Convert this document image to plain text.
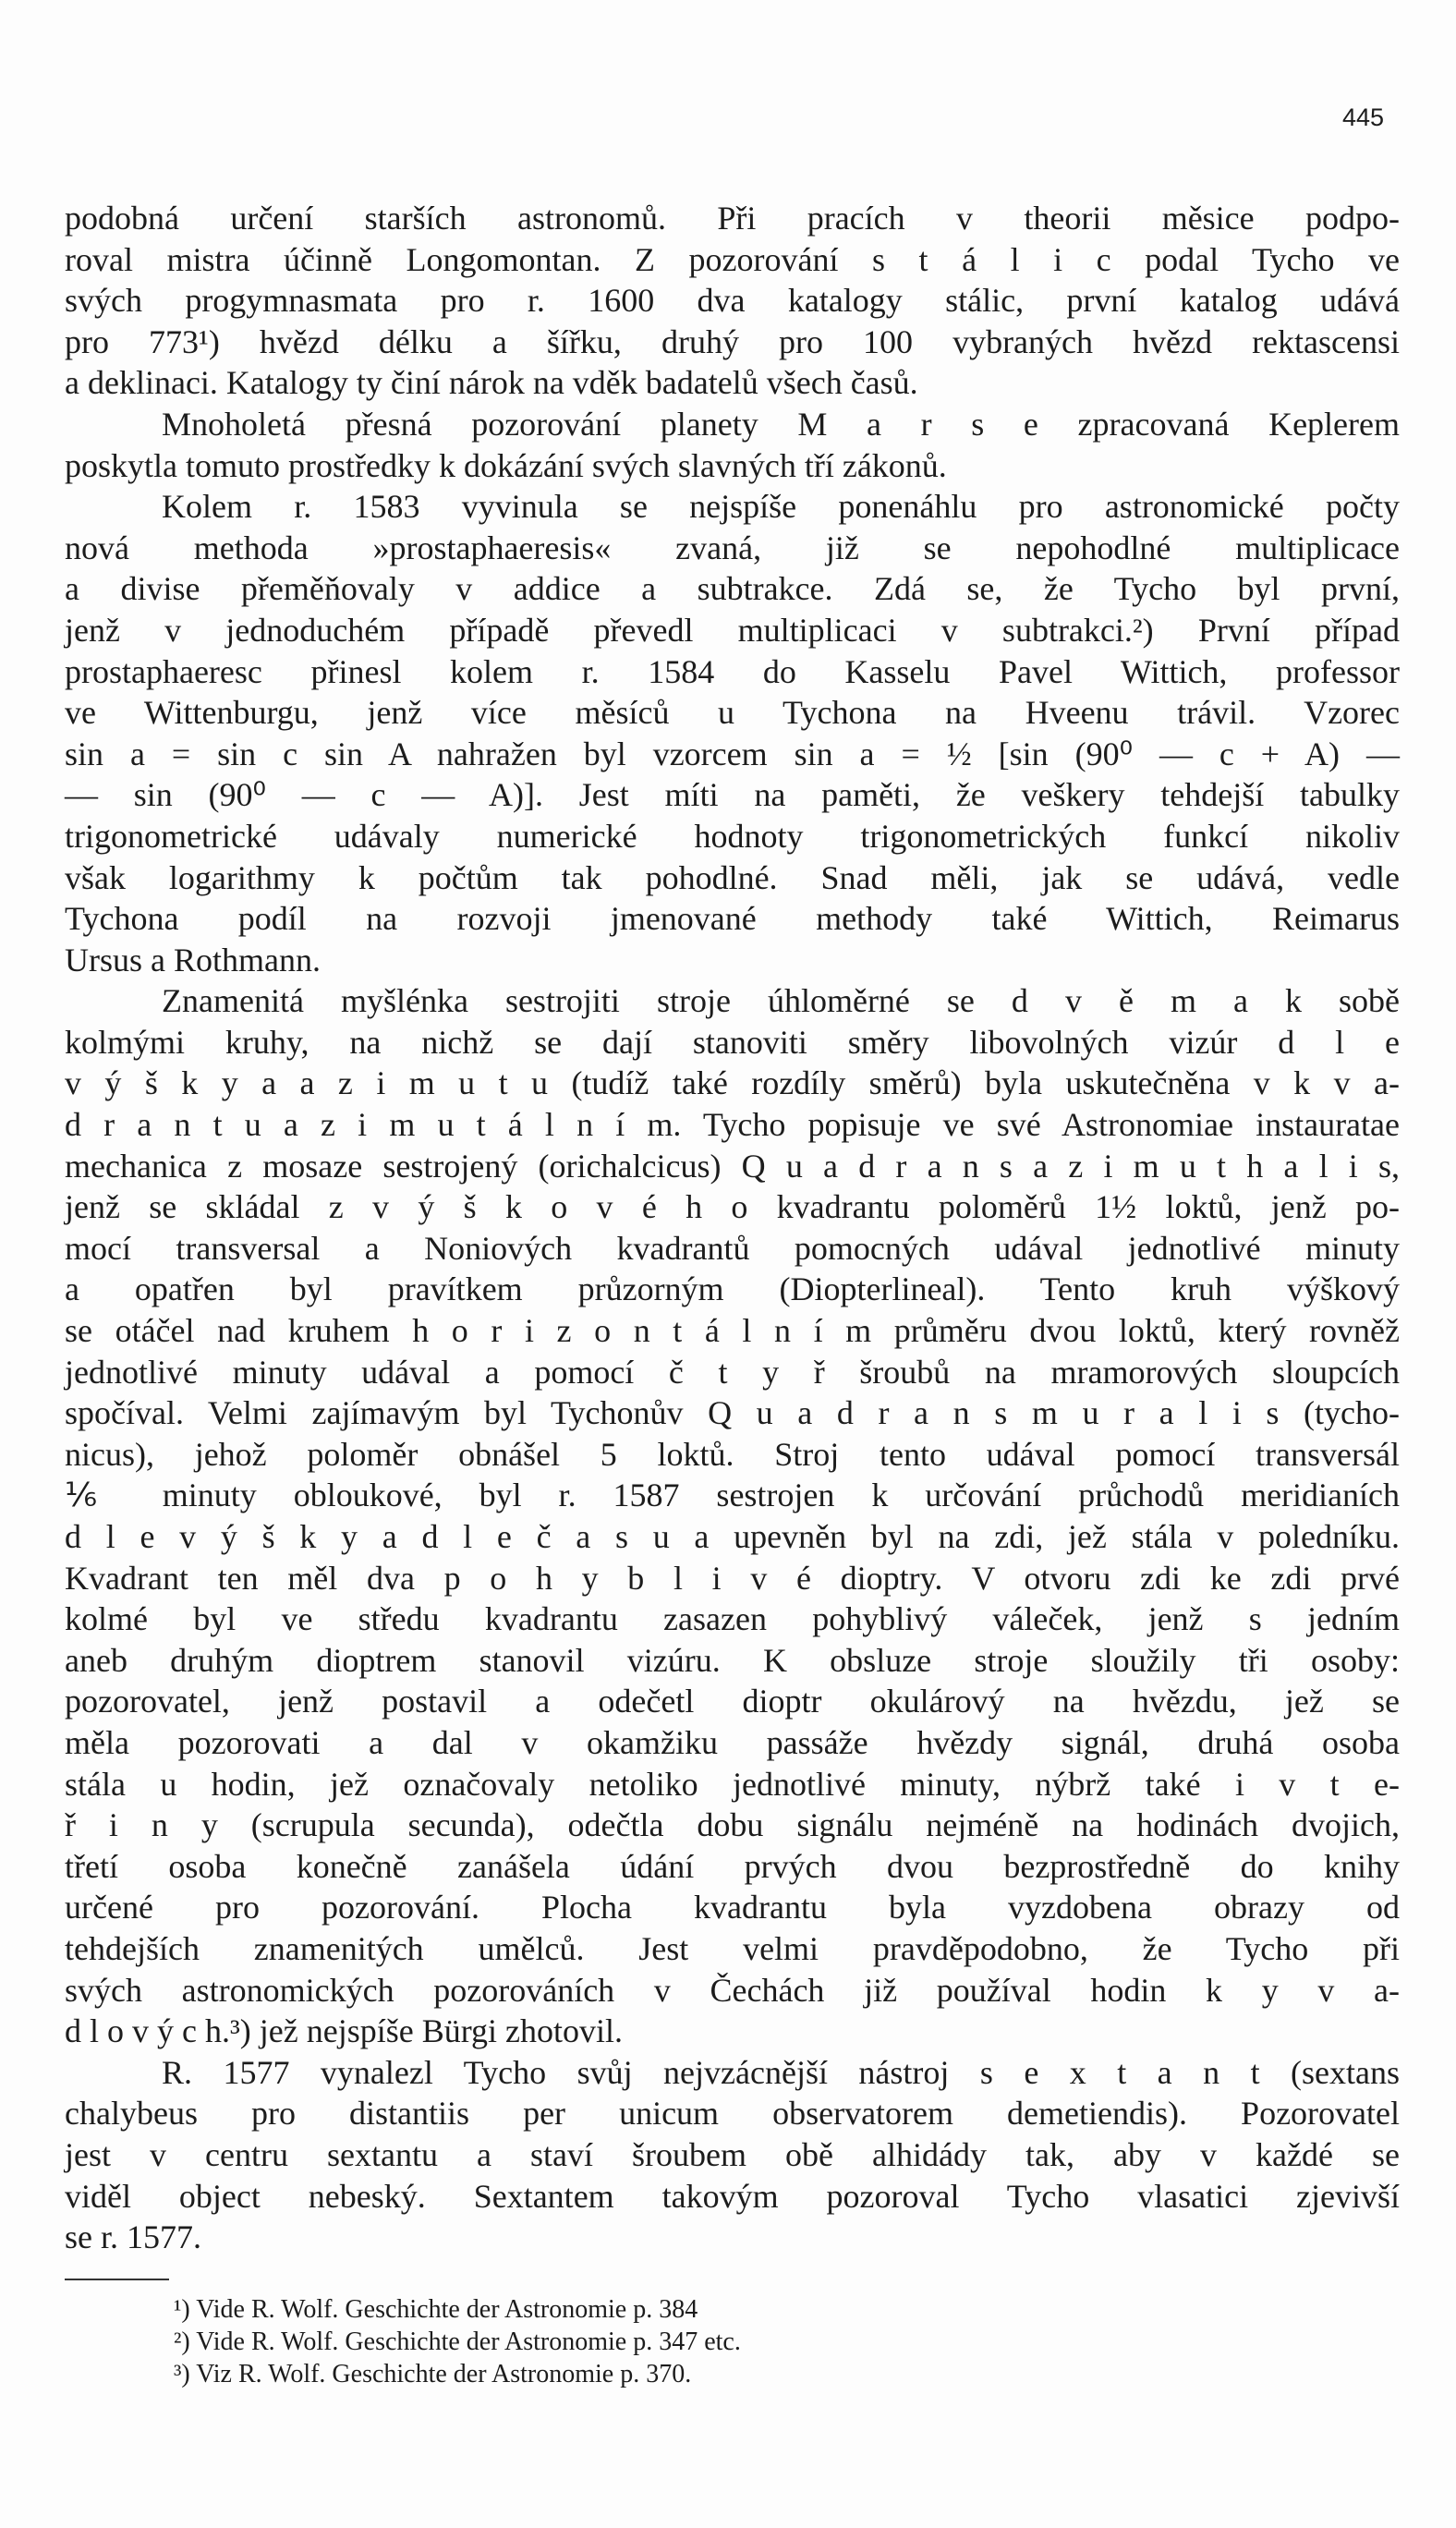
445
podobná určení starších astronomů. Při pracích v theorii měsice podpo-
roval mistra účinně Longomontan. Z pozorování s t á l i c podal Tycho ve
svých progymnasmata pro r. 1600 dva katalogy stálic, první katalog udává
pro 773¹) hvězd délku a šířku, druhý pro 100 vybraných hvězd rektascensi
a deklinaci. Katalogy ty činí nárok na vděk badatelů všech časů.
Mnoholetá přesná pozorování planety M a r s e zpracovaná Keplerem
poskytla tomuto prostředky k dokázání svých slavných tří zákonů.
Kolem r. 1583 vyvinula se nejspíše ponenáhlu pro astronomické počty
nová methoda »prostaphaeresis« zvaná, již se nepohodlné multiplicace
a divise přeměňovaly v addice a subtrakce. Zdá se, že Tycho byl první,
jenž v jednoduchém případě převedl multiplicaci v subtrakci.²) První případ
prostaphaeresc přinesl kolem r. 1584 do Kasselu Pavel Wittich, professor
ve Wittenburgu, jenž více měsíců u Tychona na Hveenu trávil. Vzorec
sin a = sin c sin A nahražen byl vzorcem sin a = ½ [sin (90⁰ — c + A) —
— sin (90⁰ — c — A)]. Jest míti na paměti, že veškery tehdejší tabulky
trigonometrické udávaly numerické hodnoty trigonometrických funkcí nikoliv
však logarithmy k počtům tak pohodlné. Snad měli, jak se udává, vedle
Tychona podíl na rozvoji jmenované methody také Wittich, Reimarus
Ursus a Rothmann.
Znamenitá myšlénka sestrojiti stroje úhloměrné se d v ě m a k sobě
kolmými kruhy, na nichž se dají stanoviti směry libovolných vizúr d l e
v ý š k y a a z i m u t u (tudíž také rozdíly směrů) byla uskutečněna v k v a-
d r a n t u a z i m u t á l n í m. Tycho popisuje ve své Astronomiae instauratae
mechanica z mosaze sestrojený (orichalcicus) Q u a d r a n s a z i m u t h a l i s,
jenž se skládal z v ý š k o v é h o kvadrantu poloměrů 1½ loktů, jenž po-
mocí transversal a Noniových kvadrantů pomocných udával jednotlivé minuty
a opatřen byl pravítkem průzorným (Diopterlineal). Tento kruh výškový
se otáčel nad kruhem h o r i z o n t á l n í m průměru dvou loktů, který rovněž
jednotlivé minuty udával a pomocí č t y ř šroubů na mramorových sloupcích
spočíval. Velmi zajímavým byl Tychonův Q u a d r a n s m u r a l i s (tycho-
nicus), jehož poloměr obnášel 5 loktů. Stroj tento udával pomocí transversál
⅙ minuty obloukové, byl r. 1587 sestrojen k určování průchodů meridianích
d l e v ý š k y a d l e č a s u a upevněn byl na zdi, jež stála v poledníku.
Kvadrant ten měl dva p o h y b l i v é dioptry. V otvoru zdi ke zdi prvé
kolmé byl ve středu kvadrantu zasazen pohyblivý váleček, jenž s jedním
aneb druhým dioptrem stanovil vizúru. K obsluze stroje sloužily tři osoby:
pozorovatel, jenž postavil a odečetl dioptr okulárový na hvězdu, jež se
měla pozorovati a dal v okamžiku passáže hvězdy signál, druhá osoba
stála u hodin, jež označovaly netoliko jednotlivé minuty, nýbrž také i v t e-
ř i n y (scrupula secunda), odečtla dobu signálu nejméně na hodinách dvojich,
třetí osoba konečně zanášela údání prvých dvou bezprostředně do knihy
určené pro pozorování. Plocha kvadrantu byla vyzdobena obrazy od
tehdejších znamenitých umělců. Jest velmi pravděpodobno, že Tycho při
svých astronomických pozorováních v Čechách již používal hodin k y v a-
d l o v ý c h.³) jež nejspíše Bürgi zhotovil.
R. 1577 vynalezl Tycho svůj nejvzácnější nástroj s e x t a n t (sextans
chalybeus pro distantiis per unicum observatorem demetiendis). Pozorovatel
jest v centru sextantu a staví šroubem obě alhidády tak, aby v každé se
viděl object nebeský. Sextantem takovým pozoroval Tycho vlasatici zjevivší
se r. 1577.
¹) Vide R. Wolf. Geschichte der Astronomie p. 384
²) Vide R. Wolf. Geschichte der Astronomie p. 347 etc.
³) Viz R. Wolf. Geschichte der Astronomie p. 370.
